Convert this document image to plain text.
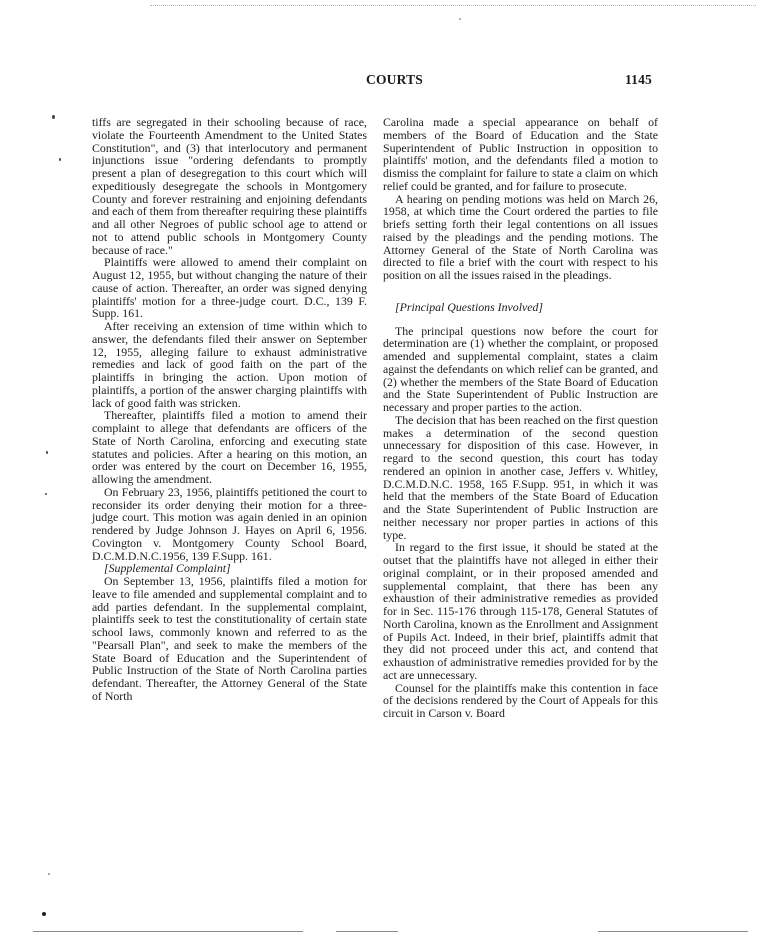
COURTS	1145

tiffs are segregated in their schooling because of race, violate the Fourteenth Amendment to the United States Constitution", and (3) that interlocutory and permanent injunctions issue "ordering defendants to promptly present a plan of desegregation to this court which will expeditiously desegregate the schools in Montgomery County and forever restraining and enjoining defendants and each of them from thereafter requiring these plaintiffs and all other Negroes of public school age to attend or not to attend public schools in Montgomery County because of race."

Plaintiffs were allowed to amend their complaint on August 12, 1955, but without changing the nature of their cause of action. Thereafter, an order was signed denying plaintiffs' motion for a three-judge court. D.C., 139 F. Supp. 161.

After receiving an extension of time within which to answer, the defendants filed their answer on September 12, 1955, alleging failure to exhaust administrative remedies and lack of good faith on the part of the plaintiffs in bringing the action. Upon motion of plaintiffs, a portion of the answer charging plaintiffs with lack of good faith was stricken.

Thereafter, plaintiffs filed a motion to amend their complaint to allege that defendants are officers of the State of North Carolina, enforcing and executing state statutes and policies. After a hearing on this motion, an order was entered by the court on December 16, 1955, allowing the amendment.

On February 23, 1956, plaintiffs petitioned the court to reconsider its order denying their motion for a three-judge court. This motion was again denied in an opinion rendered by Judge Johnson J. Hayes on April 6, 1956. Covington v. Montgomery County School Board, D.C.M.D.N.C.1956, 139 F.Supp. 161.

[Supplemental Complaint]

On September 13, 1956, plaintiffs filed a motion for leave to file amended and supplemental complaint and to add parties defendant. In the supplemental complaint, plaintiffs seek to test the constitutionality of certain state school laws, commonly known and referred to as the "Pearsall Plan", and seek to make the members of the State Board of Education and the Superintendent of Public Instruction of the State of North Carolina parties defendant. Thereafter, the Attorney General of the State of North

Carolina made a special appearance on behalf of members of the Board of Education and the State Superintendent of Public Instruction in opposition to plaintiffs' motion, and the defendants filed a motion to dismiss the complaint for failure to state a claim on which relief could be granted, and for failure to prosecute.

A hearing on pending motions was held on March 26, 1958, at which time the Court ordered the parties to file briefs setting forth their legal contentions on all issues raised by the pleadings and the pending motions. The Attorney General of the State of North Carolina was directed to file a brief with the court with respect to his position on all the issues raised in the pleadings.

[Principal Questions Involved]

The principal questions now before the court for determination are (1) whether the complaint, or proposed amended and supplemental complaint, states a claim against the defendants on which relief can be granted, and (2) whether the members of the State Board of Education and the State Superintendent of Public Instruction are necessary and proper parties to the action.

The decision that has been reached on the first question makes a determination of the second question unnecessary for disposition of this case. However, in regard to the second question, this court has today rendered an opinion in another case, Jeffers v. Whitley, D.C.M.D.N.C. 1958, 165 F.Supp. 951, in which it was held that the members of the State Board of Education and the State Superintendent of Public Instruction are neither necessary nor proper parties in actions of this type.

In regard to the first issue, it should be stated at the outset that the plaintiffs have not alleged in either their original complaint, or in their proposed amended and supplemental complaint, that there has been any exhaustion of their administrative remedies as provided for in Sec. 115-176 through 115-178, General Statutes of North Carolina, known as the Enrollment and Assignment of Pupils Act. Indeed, in their brief, plaintiffs admit that they did not proceed under this act, and contend that exhaustion of administrative remedies provided for by the act are unnecessary.

Counsel for the plaintiffs make this contention in face of the decisions rendered by the Court of Appeals for this circuit in Carson v. Board
